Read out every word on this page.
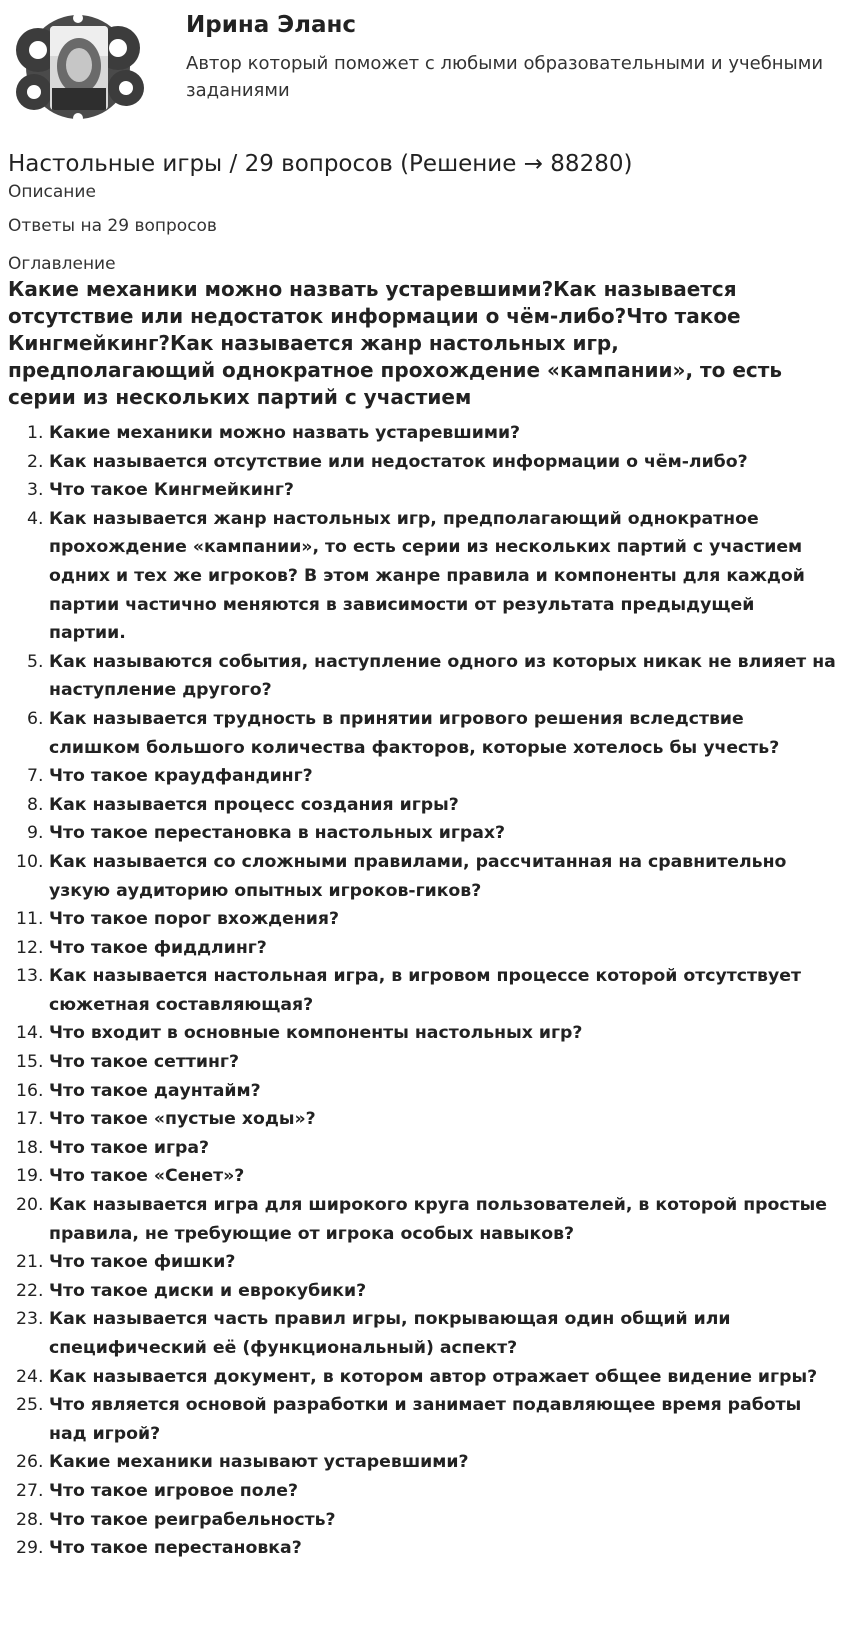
Ирина Эланс
Автор который поможет с любыми образовательными и учебными заданиями
Настольные игры / 29 вопросов (Решение → 88280)
Описание
Ответы на 29 вопросов
Оглавление
Какие механики можно назвать устаревшими?Как называется отсутствие или недостаток информации о чём-либо?Что такое Кингмейкинг?Как называется жанр настольных игр, предполагающий однократное прохождение «кампании», то есть серии из нескольких партий с участием
1. Какие механики можно назвать устаревшими?
2. Как называется отсутствие или недостаток информации о чём-либо?
3. Что такое Кингмейкинг?
4. Как называется жанр настольных игр, предполагающий однократное прохождение «кампании», то есть серии из нескольких партий с участием одних и тех же игроков? В этом жанре правила и компоненты для каждой партии частично меняются в зависимости от результата предыдущей партии.
5. Как называются события, наступление одного из которых никак не влияет на наступление другого?
6. Как называется трудность в принятии игрового решения вследствие слишком большого количества факторов, которые хотелось бы учесть?
7. Что такое краудфандинг?
8. Как называется процесс создания игры?
9. Что такое перестановка в настольных играх?
10. Как называется со сложными правилами, рассчитанная на сравнительно узкую аудиторию опытных игроков-гиков?
11. Что такое порог вхождения?
12. Что такое фиддлинг?
13. Как называется настольная игра, в игровом процессе которой отсутствует сюжетная составляющая?
14. Что входит в основные компоненты настольных игр?
15. Что такое сеттинг?
16. Что такое даунтайм?
17. Что такое «пустые ходы»?
18. Что такое игра?
19. Что такое «Сенет»?
20. Как называется игра для широкого круга пользователей, в которой простые правила, не требующие от игрока особых навыков?
21. Что такое фишки?
22. Что такое диски и еврокубики?
23. Как называется часть правил игры, покрывающая один общий или специфический её (функциональный) аспект?
24. Как называется документ, в котором автор отражает общее видение игры?
25. Что является основой разработки и занимает подавляющее время работы над игрой?
26. Какие механики называют устаревшими?
27. Что такое игровое поле?
28. Что такое реиграбельность?
29. Что такое перестановка?
